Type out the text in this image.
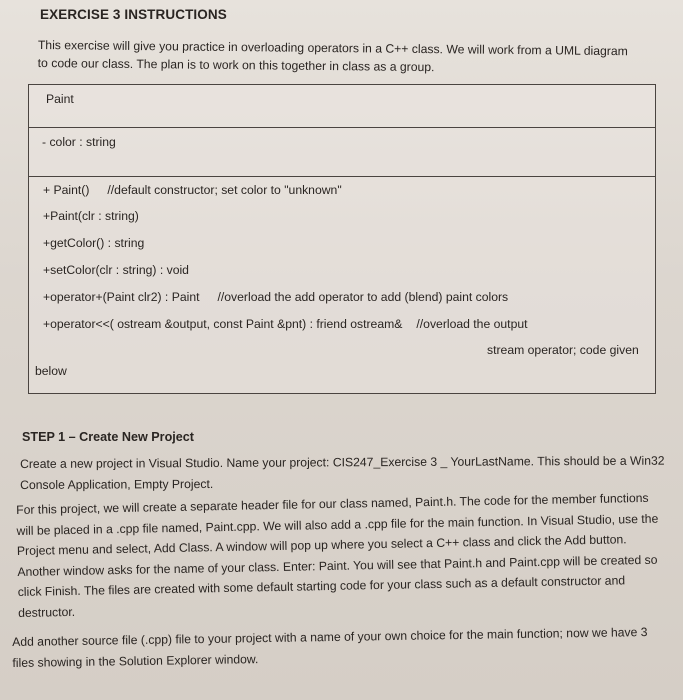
EXERCISE 3 INSTRUCTIONS
This exercise will give you practice in overloading operators in a C++ class. We will work from a UML diagram to code our class. The plan is to work on this together in class as a group.
Paint
- color : string
+ Paint() //default constructor; set color to "unknown"
+Paint(clr : string)
+getColor() : string
+setColor(clr : string) : void
+operator+(Paint clr2) : Paint //overload the add operator to add (blend) paint colors
+operator<<( ostream &output, const Paint &pnt) : friend ostream& //overload the output
stream operator; code given
below
STEP 1 – Create New Project
Create a new project in Visual Studio. Name your project: CIS247_Exercise 3 _ YourLastName. This should be a Win32 Console Application, Empty Project.
For this project, we will create a separate header file for our class named, Paint.h. The code for the member functions will be placed in a .cpp file named, Paint.cpp. We will also add a .cpp file for the main function. In Visual Studio, use the Project menu and select, Add Class. A window will pop up where you select a C++ class and click the Add button. Another window asks for the name of your class. Enter: Paint. You will see that Paint.h and Paint.cpp will be created so click Finish. The files are created with some default starting code for your class such as a default constructor and destructor.
Add another source file (.cpp) file to your project with a name of your own choice for the main function; now we have 3 files showing in the Solution Explorer window.
